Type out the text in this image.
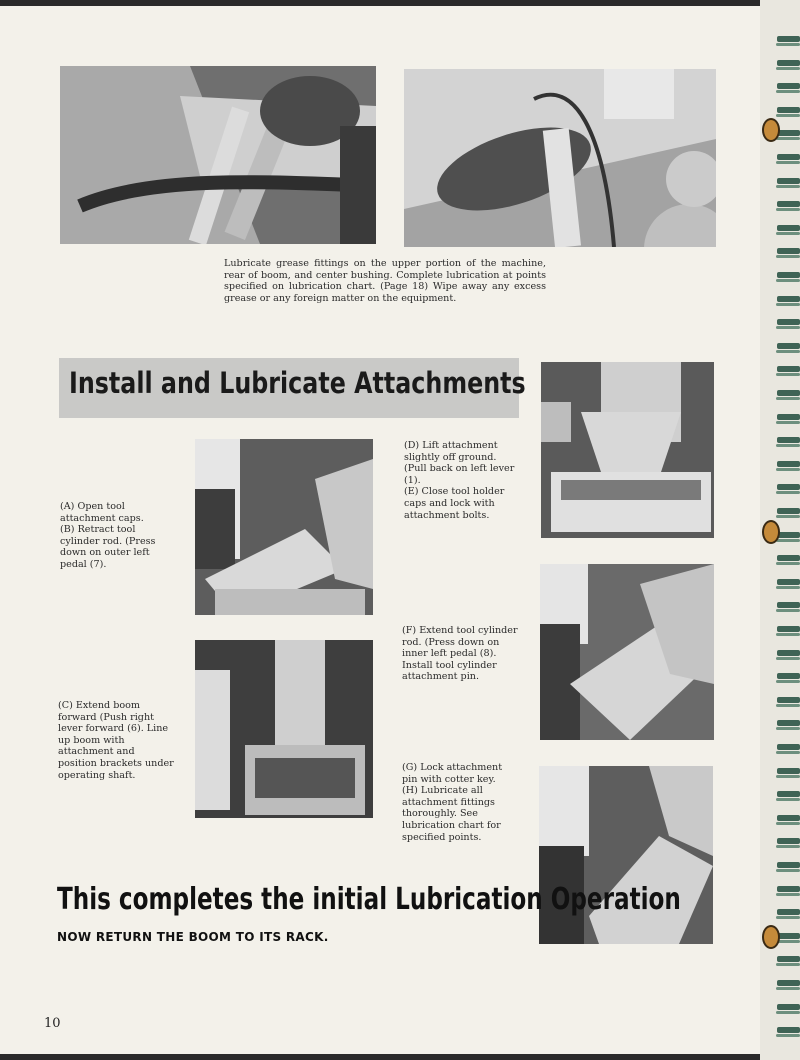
Lubricate grease fittings on the upper portion of the machine, rear of boom, and center bushing. Complete lubrication at points specified on lubrication chart. (Page 18) Wipe away any excess grease or any foreign matter on the equipment.

Install and Lubricate Attachments

(A) Open tool attachment caps.
(B) Retract tool cylinder rod. (Press down on outer left pedal (7).

(C) Extend boom forward (Push right lever forward (6). Line up boom with attachment and position brackets under operating shaft.

(D) Lift attachment slightly off ground. (Pull back on left lever (1).
(E) Close tool holder caps and lock with attachment bolts.

(F) Extend tool cylinder rod. (Press down on inner left pedal (8). Install tool cylinder attachment pin.

(G) Lock attachment pin with cotter key.
(H) Lubricate all attachment fittings thoroughly. See lubrication chart for specified points.

This completes the initial Lubrication Operation

NOW RETURN THE BOOM TO ITS RACK.

10
